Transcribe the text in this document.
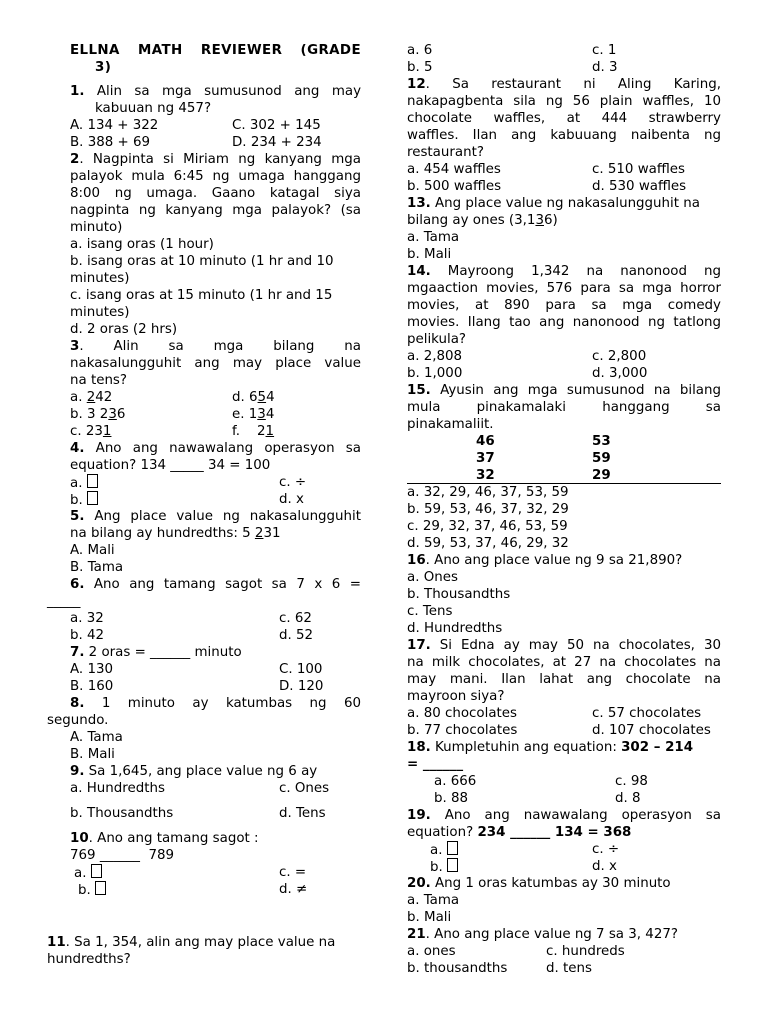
ELLNA MATH REVIEWER (GRADE
3)
1. Alin sa mga sumusunod ang may
kabuuan ng 457?
A. 134 + 322	C. 302 + 145
B. 388 + 69	D. 234 + 234
2. Nagpinta si Miriam ng kanyang mga
palayok mula 6:45 ng umaga hanggang
8:00 ng umaga. Gaano katagal siya
nagpinta ng kanyang mga palayok? (sa
minuto)
a. isang oras (1 hour)
b. isang oras at 10 minuto (1 hr and 10
minutes)
c. isang oras at 15 minuto (1 hr and 15
minutes)
d. 2 oras (2 hrs)
3. Alin sa mga bilang na
nakasalungguhit ang may place value
na tens?
a. 242	d. 654
b. 3 236	e. 134
c. 231	f.    21
4. Ano ang nawawalang operasyon sa
equation? 134 _____ 34 = 100
a.	c. ÷
b.	d. x
5. Ang place value ng nakasalungguhit
na bilang ay hundredths: 5 231
A. Mali
B. Tama
6. Ano ang tamang sagot sa 7 x 6 =
_____
a. 32	c. 62
b. 42	d. 52
7. 2 oras = ______ minuto
A. 130	C. 100
B. 160	D. 120
8. 1 minuto ay katumbas ng 60
segundo.
A. Tama
B. Mali
9. Sa 1,645, ang place value ng 6 ay
a. Hundredths	c. Ones
b. Thousandths	d. Tens
10. Ano ang tamang sagot :
769 ______  789
a.	c. =
b.	d. ≠
11. Sa 1, 354, alin ang may place value na
hundredths?
a. 6	c. 1
b. 5	d. 3
12. Sa restaurant ni Aling Karing,
nakapagbenta sila ng 56 plain waffles, 10
chocolate waffles, at 444 strawberry
waffles. Ilan ang kabuuang naibenta ng
restaurant?
a. 454 waffles	c. 510 waffles
b. 500 waffles	d. 530 waffles
13. Ang place value ng nakasalungguhit na
bilang ay ones (3,136)
a. Tama
b. Mali
14. Mayroong 1,342 na nanonood ng
mgaaction movies, 576 para sa mga horror
movies, at 890 para sa mga comedy
movies. Ilang tao ang nanonood ng tatlong
pelikula?
a. 2,808	c. 2,800
b. 1,000	d. 3,000
15. Ayusin ang mga sumusunod na bilang
mula pinakamalaki hanggang sa
pinakamaliit.
46	53
37	59
32	29
a. 32, 29, 46, 37, 53, 59
b. 59, 53, 46, 37, 32, 29
c. 29, 32, 37, 46, 53, 59
d. 59, 53, 37, 46, 29, 32
16. Ano ang place value ng 9 sa 21,890?
a. Ones
b. Thousandths
c. Tens
d. Hundredths
17. Si Edna ay may 50 na chocolates, 30
na milk chocolates, at 27 na chocolates na
may mani. Ilan lahat ang chocolate na
mayroon siya?
a. 80 chocolates	c. 57 chocolates
b. 77 chocolates	d. 107 chocolates
18. Kumpletuhin ang equation: 302 – 214
= ______
a. 666	c. 98
b. 88	d. 8
19. Ano ang nawawalang operasyon sa
equation? 234 ______ 134 = 368
a.	c. ÷
b.	d. x
20. Ang 1 oras katumbas ay 30 minuto
a. Tama
b. Mali
21. Ano ang place value ng 7 sa 3, 427?
a. ones	c. hundreds
b. thousandths	d. tens
